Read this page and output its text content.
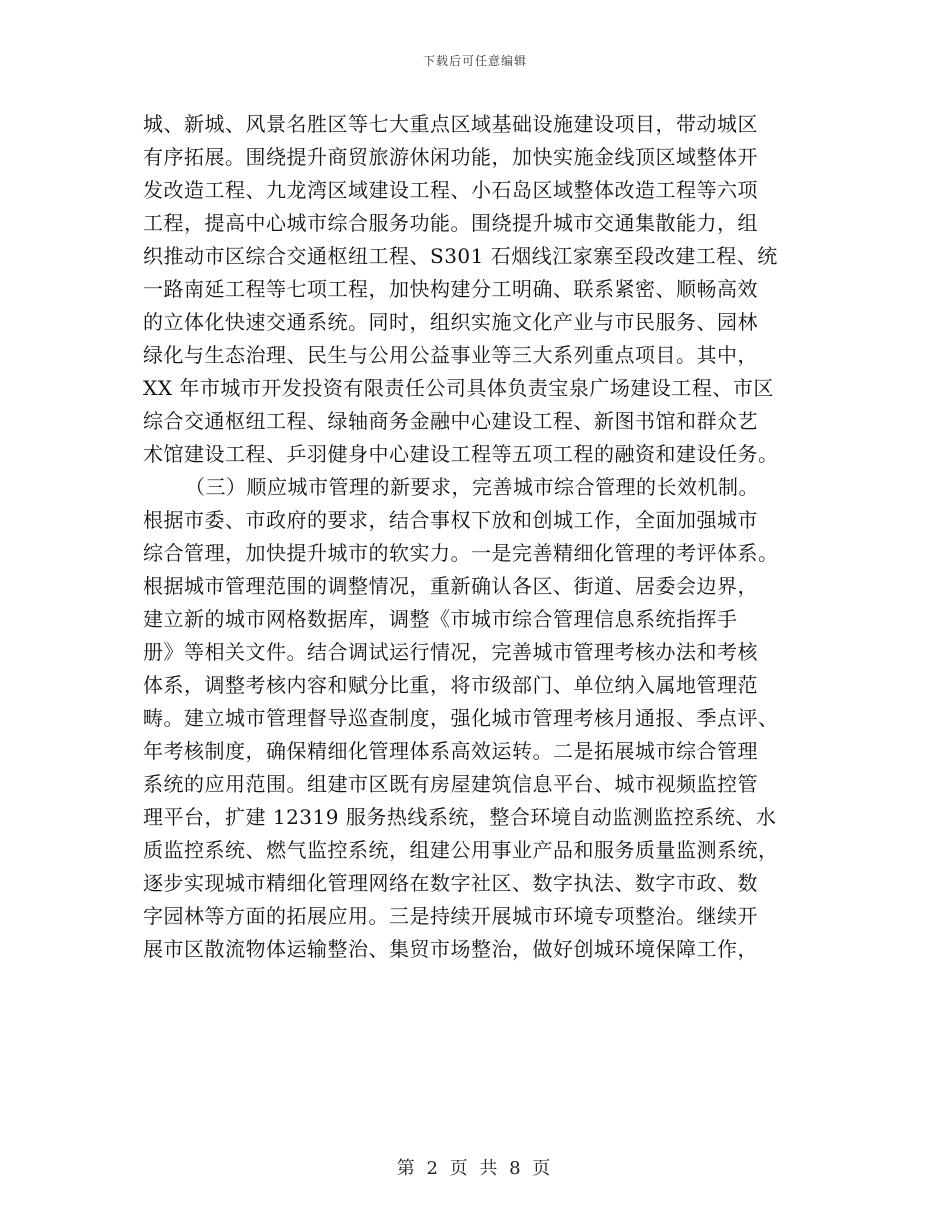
下载后可任意编辑
城、新城、风景名胜区等七大重点区域基础设施建设项目，带动城区
有序拓展。围绕提升商贸旅游休闲功能，加快实施金线顶区域整体开
发改造工程、九龙湾区域建设工程、小石岛区域整体改造工程等六项
工程，提高中心城市综合服务功能。围绕提升城市交通集散能力，组
织推动市区综合交通枢纽工程、S301 石烟线江家寨至段改建工程、统
一路南延工程等七项工程，加快构建分工明确、联系紧密、顺畅高效
的立体化快速交通系统。同时，组织实施文化产业与市民服务、园林
绿化与生态治理、民生与公用公益事业等三大系列重点项目。其中，
XX 年市城市开发投资有限责任公司具体负责宝泉广场建设工程、市区
综合交通枢纽工程、绿轴商务金融中心建设工程、新图书馆和群众艺
术馆建设工程、乒羽健身中心建设工程等五项工程的融资和建设任务。
（三）顺应城市管理的新要求，完善城市综合管理的长效机制。
根据市委、市政府的要求，结合事权下放和创城工作，全面加强城市
综合管理，加快提升城市的软实力。一是完善精细化管理的考评体系。
根据城市管理范围的调整情况，重新确认各区、街道、居委会边界，
建立新的城市网格数据库，调整《市城市综合管理信息系统指挥手
册》等相关文件。结合调试运行情况，完善城市管理考核办法和考核
体系，调整考核内容和赋分比重，将市级部门、单位纳入属地管理范
畴。建立城市管理督导巡查制度，强化城市管理考核月通报、季点评、
年考核制度，确保精细化管理体系高效运转。二是拓展城市综合管理
系统的应用范围。组建市区既有房屋建筑信息平台、城市视频监控管
理平台，扩建 12319 服务热线系统，整合环境自动监测监控系统、水
质监控系统、燃气监控系统，组建公用事业产品和服务质量监测系统，
逐步实现城市精细化管理网络在数字社区、数字执法、数字市政、数
字园林等方面的拓展应用。三是持续开展城市环境专项整治。继续开
展市区散流物体运输整治、集贸市场整治，做好创城环境保障工作，
第 2 页 共 8 页
